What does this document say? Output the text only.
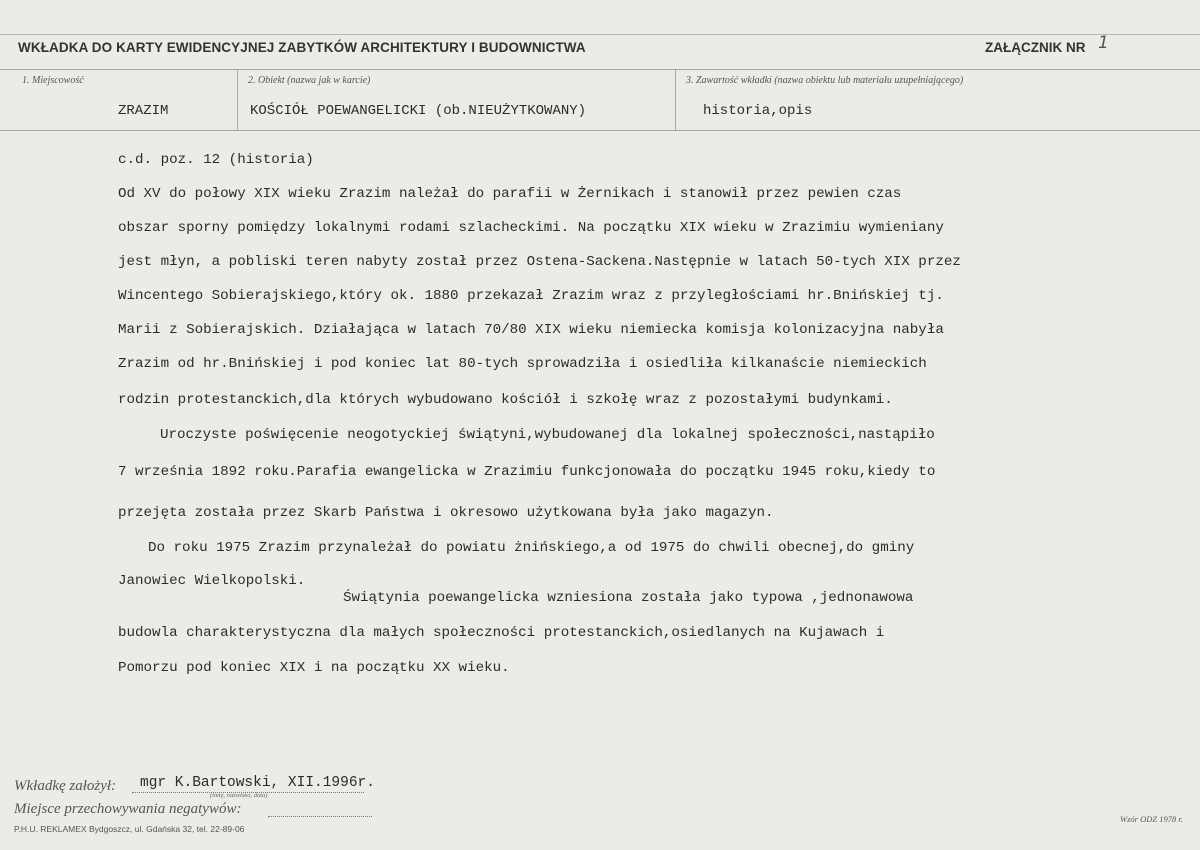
WKŁADKA DO KARTY EWIDENCYJNEJ ZABYTKÓW ARCHITEKTURY I BUDOWNICTWA	ZAŁĄCZNIK NR 1
1. Miejscowość
ZRAZIM
2. Obiekt (nazwa jak w karcie)
KOŚCIÓŁ POEWANGELICKI (ob.NIEUŻYTKOWANY)
3. Zawartość wkładki (nazwa obiektu lub materiału uzupełniającego)
historia,opis
c.d. poz. 12 (historia)
Od XV do połowy XIX wieku Zrazim należał do parafii w Żernikach i stanowił przez pewien czas
obszar sporny pomiędzy lokalnymi rodami szlacheckimi. Na początku XIX wieku w Zrazimiu wymieniany
jest młyn, a pobliski teren nabyty został przez Ostena-Sackena.Następnie w latach 50-tych XIX przez
Wincentego Sobierajskiego,który ok. 1880 przekazał Zrazim wraz z przyległościami hr.Bnińskiej tj.
Marii z Sobierajskich. Działająca w latach 70/80 XIX wieku niemiecka komisja kolonizacyjna nabyła
Zrazim od hr.Bnińskiej i pod koniec lat 80-tych sprowadziła i osiedliła kilkanaście niemieckich
rodzin protestanckich,dla których wybudowano kościół i szkołę wraz z pozostałymi budynkami.
Uroczyste poświęcenie neogotyckiej świątyni,wybudowanej dla lokalnej społeczności,nastąpiło
7 września 1892 roku.Parafia ewangelicka w Zrazimiu funkcjonowała do początku 1945 roku,kiedy to
przejęta została przez Skarb Państwa i okresowo użytkowana była jako magazyn.
Do roku 1975 Zrazim przynależał do powiatu żnińskiego,a od 1975 do chwili obecnej,do gminy
Janowiec Wielkopolski.
Świątynia poewangelicka wzniesiona została jako typowa ,jednonawowa
budowla charakterystyczna dla małych społeczności protestanckich,osiedlanych na Kujawach i
Pomorzu pod koniec XIX i na początku XX wieku.
Wkładkę założył: mgr K.Bartowski, XII.1996r.
(imię, nazwisko, data)
Miejsce przechowywania negatywów:
P.H.U. REKLAMEX Bydgoszcz, ul. Gdańska 32, tel. 22-89-06
Wzór ODZ 1978 r.
